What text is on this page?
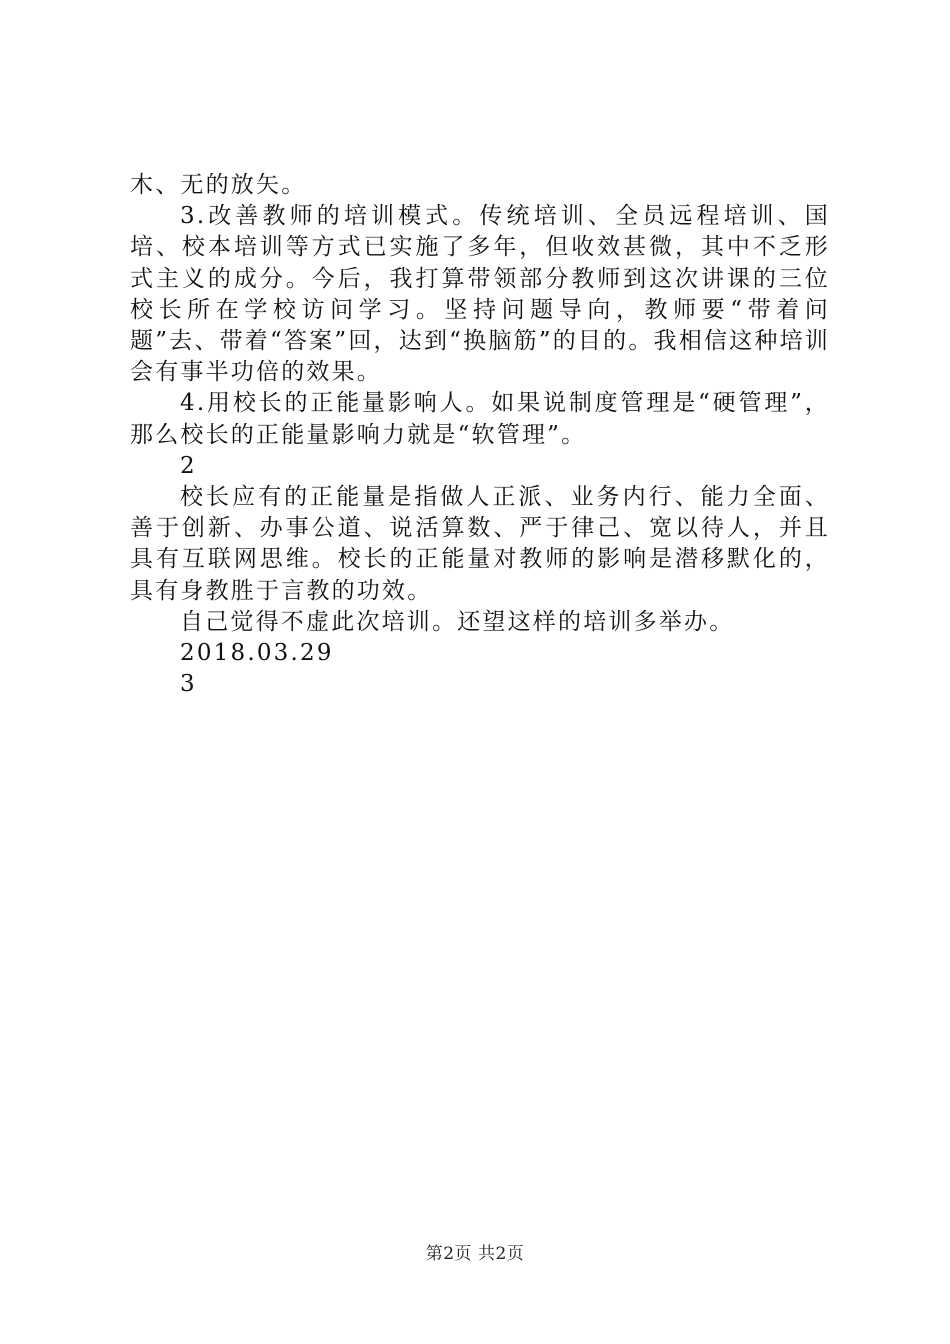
木、无的放矢。

3.改善教师的培训模式。传统培训、全员远程培训、国培、校本培训等方式已实施了多年，但收效甚微，其中不乏形式主义的成分。今后，我打算带领部分教师到这次讲课的三位校长所在学校访问学习。坚持问题导向，教师要“带着问题”去、带着“答案”回，达到“换脑筋”的目的。我相信这种培训会有事半功倍的效果。

4.用校长的正能量影响人。如果说制度管理是“硬管理”，那么校长的正能量影响力就是“软管理”。

2

校长应有的正能量是指做人正派、业务内行、能力全面、善于创新、办事公道、说活算数、严于律己、宽以待人，并且具有互联网思维。校长的正能量对教师的影响是潜移默化的，具有身教胜于言教的功效。

自己觉得不虚此次培训。还望这样的培训多举办。

2018.03.29

3

第2页 共2页
